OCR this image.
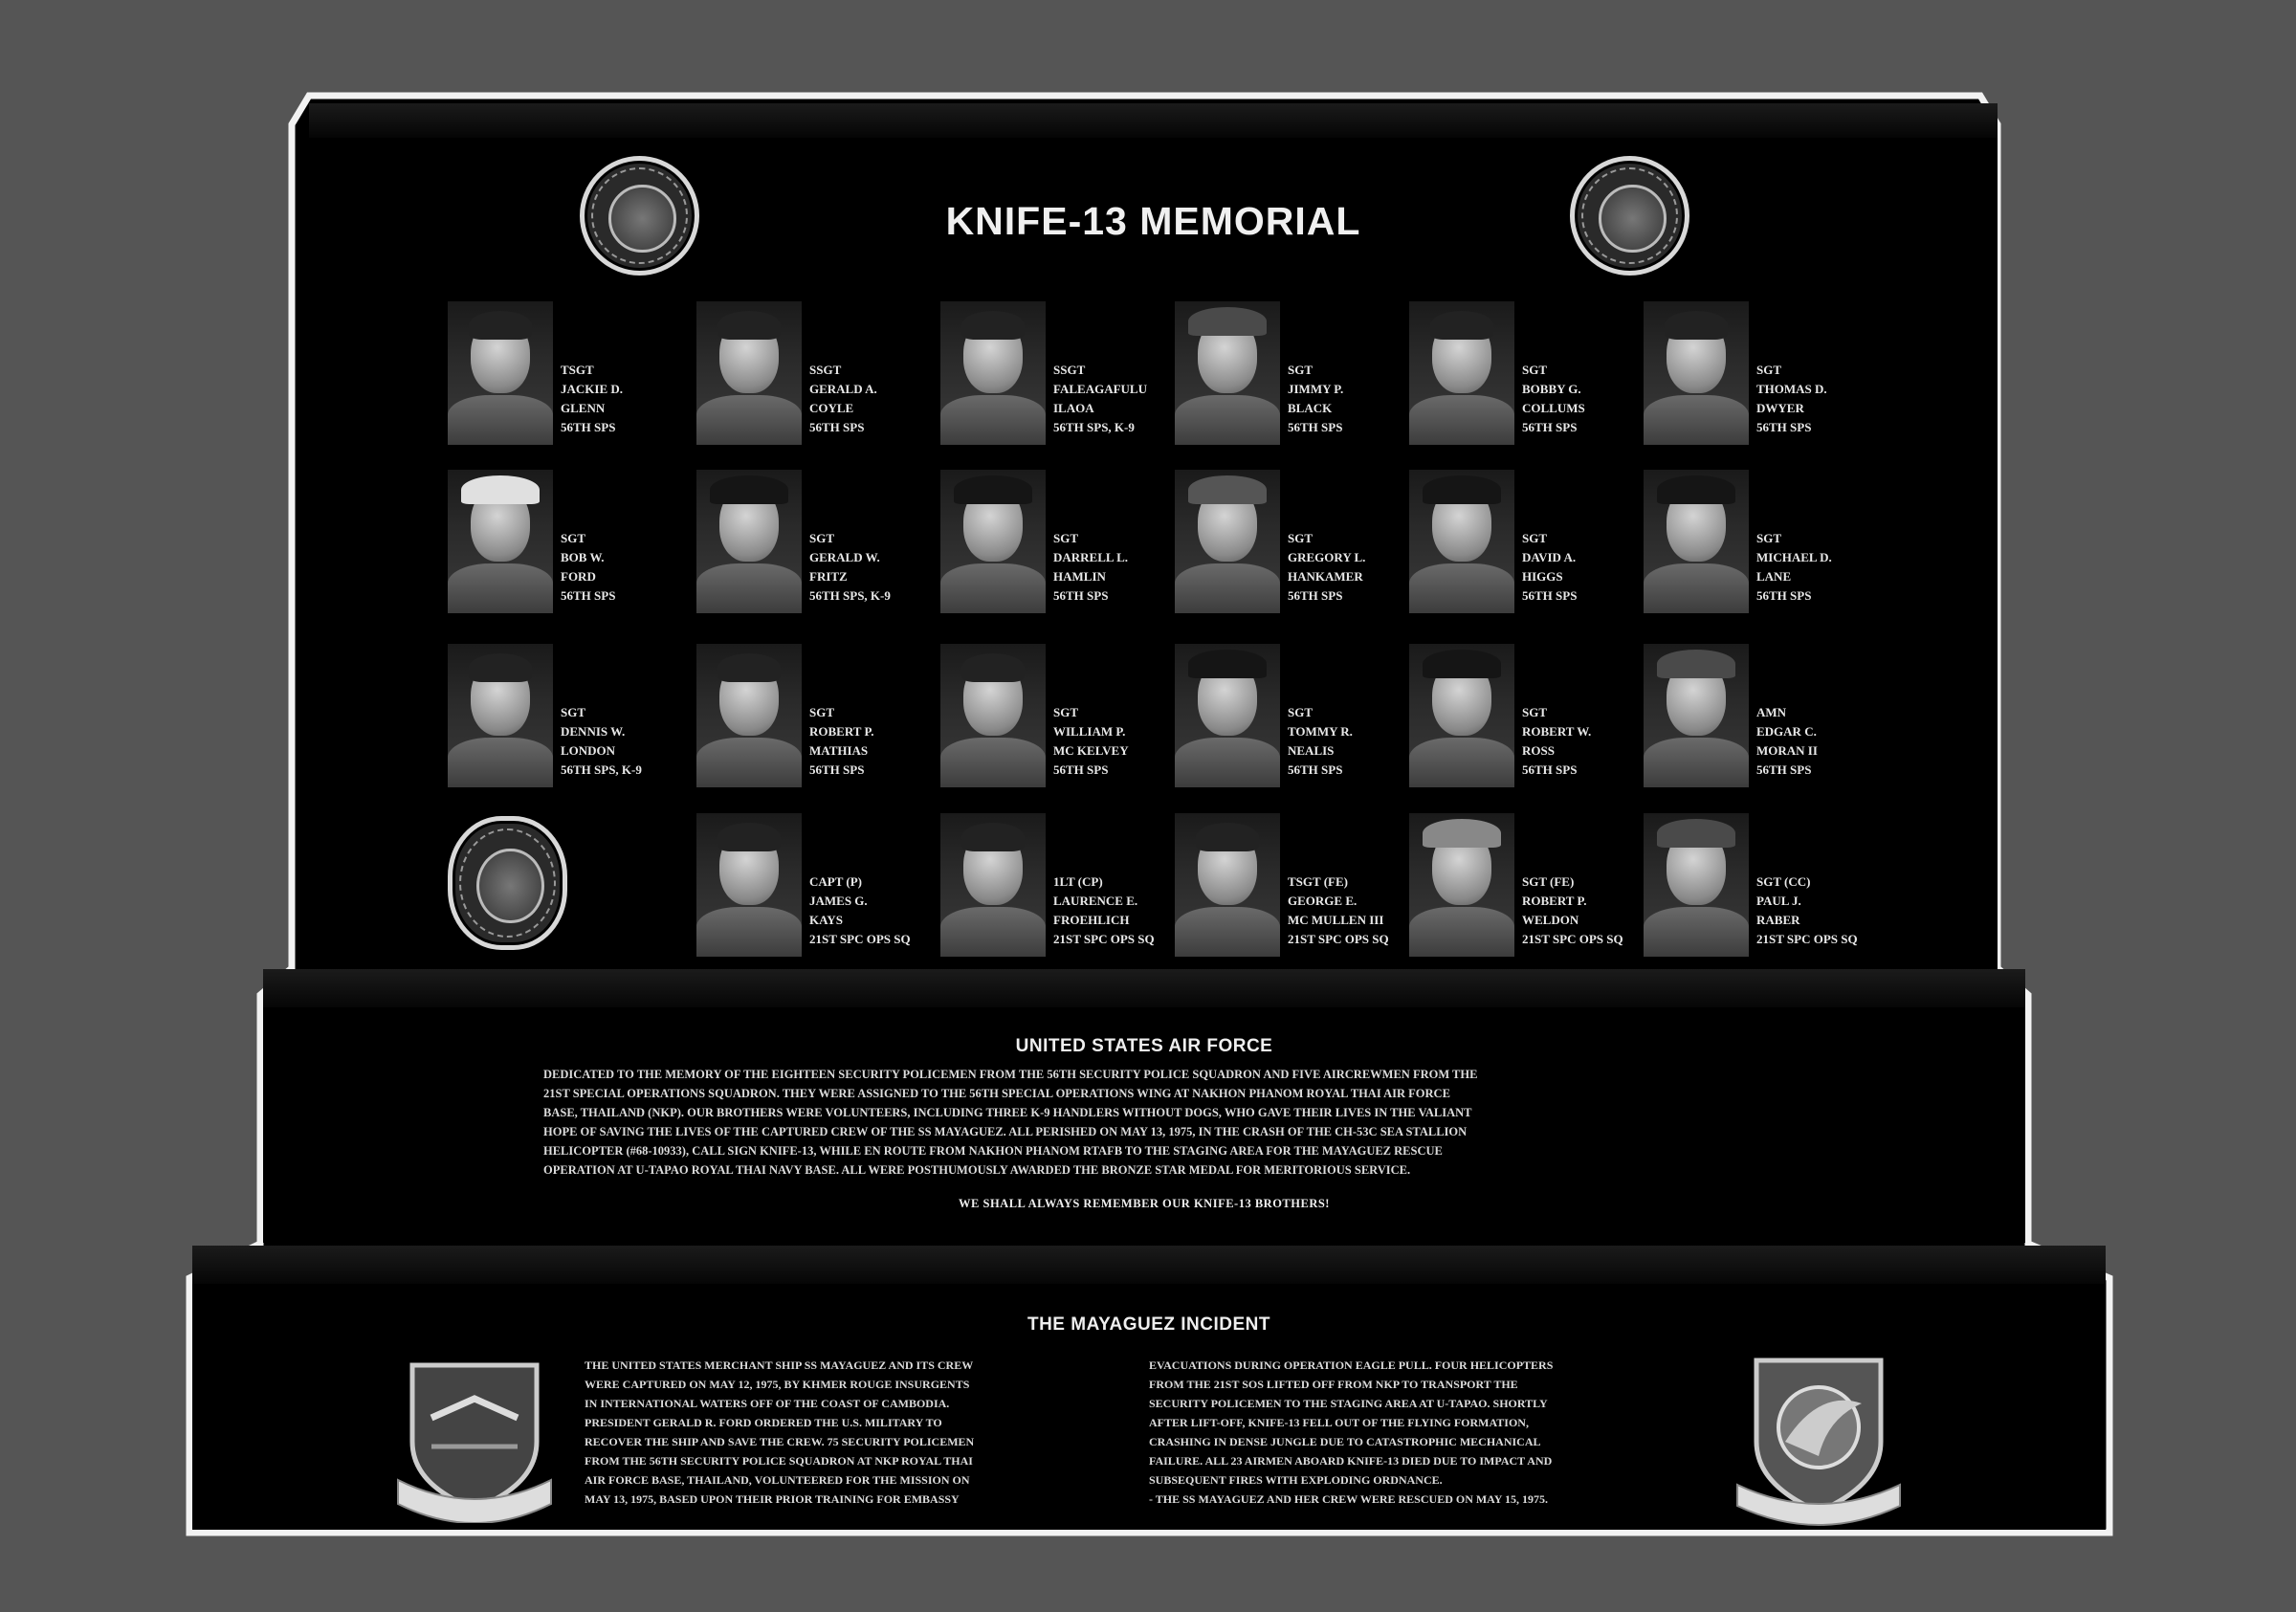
KNIFE-13 MEMORIAL
TSGT
JACKIE D.
GLENN
56TH SPS
SSGT
GERALD A.
COYLE
56TH SPS
SSGT
FALEAGAFULU
ILAOA
56TH SPS, K-9
SGT
JIMMY P.
BLACK
56TH SPS
SGT
BOBBY G.
COLLUMS
56TH SPS
SGT
THOMAS D.
DWYER
56TH SPS
SGT
BOB W.
FORD
56TH SPS
SGT
GERALD W.
FRITZ
56TH SPS, K-9
SGT
DARRELL L.
HAMLIN
56TH SPS
SGT
GREGORY L.
HANKAMER
56TH SPS
SGT
DAVID A.
HIGGS
56TH SPS
SGT
MICHAEL D.
LANE
56TH SPS
SGT
DENNIS W.
LONDON
56TH SPS, K-9
SGT
ROBERT P.
MATHIAS
56TH SPS
SGT
WILLIAM P.
MC KELVEY
56TH SPS
SGT
TOMMY R.
NEALIS
56TH SPS
SGT
ROBERT W.
ROSS
56TH SPS
AMN
EDGAR C.
MORAN II
56TH SPS
CAPT (P)
JAMES G.
KAYS
21ST SPC OPS SQ
1LT (CP)
LAURENCE E.
FROEHLICH
21ST SPC OPS SQ
TSGT (FE)
GEORGE E.
MC MULLEN III
21ST SPC OPS SQ
SGT (FE)
ROBERT P.
WELDON
21ST SPC OPS SQ
SGT (CC)
PAUL J.
RABER
21ST SPC OPS SQ
UNITED STATES AIR FORCE
DEDICATED TO THE MEMORY OF THE EIGHTEEN SECURITY POLICEMEN FROM THE 56TH SECURITY POLICE SQUADRON AND FIVE AIRCREWMEN FROM THE
21ST SPECIAL OPERATIONS SQUADRON. THEY WERE ASSIGNED TO THE 56TH SPECIAL OPERATIONS WING AT NAKHON PHANOM ROYAL THAI AIR FORCE
BASE, THAILAND (NKP). OUR BROTHERS WERE VOLUNTEERS, INCLUDING THREE K-9 HANDLERS WITHOUT DOGS, WHO GAVE THEIR LIVES IN THE VALIANT
HOPE OF SAVING THE LIVES OF THE CAPTURED CREW OF THE SS MAYAGUEZ. ALL PERISHED ON MAY 13, 1975, IN THE CRASH OF THE CH-53C SEA STALLION
HELICOPTER (#68-10933), CALL SIGN KNIFE-13, WHILE EN ROUTE FROM NAKHON PHANOM RTAFB TO THE STAGING AREA FOR THE MAYAGUEZ RESCUE
OPERATION AT U-TAPAO ROYAL THAI NAVY BASE. ALL WERE POSTHUMOUSLY AWARDED THE BRONZE STAR MEDAL FOR MERITORIOUS SERVICE.
WE SHALL ALWAYS REMEMBER OUR KNIFE-13 BROTHERS!
THE MAYAGUEZ INCIDENT
THE UNITED STATES MERCHANT SHIP SS MAYAGUEZ AND ITS CREW
WERE CAPTURED ON MAY 12, 1975, BY KHMER ROUGE INSURGENTS
IN INTERNATIONAL WATERS OFF OF THE COAST OF CAMBODIA.
PRESIDENT GERALD R. FORD ORDERED THE U.S. MILITARY TO
RECOVER THE SHIP AND SAVE THE CREW. 75 SECURITY POLICEMEN
FROM THE 56TH SECURITY POLICE SQUADRON AT NKP ROYAL THAI
AIR FORCE BASE, THAILAND, VOLUNTEERED FOR THE MISSION ON
MAY 13, 1975, BASED UPON THEIR PRIOR TRAINING FOR EMBASSY
EVACUATIONS DURING OPERATION EAGLE PULL. FOUR HELICOPTERS
FROM THE 21ST SOS LIFTED OFF FROM NKP TO TRANSPORT THE
SECURITY POLICEMEN TO THE STAGING AREA AT U-TAPAO. SHORTLY
AFTER LIFT-OFF, KNIFE-13 FELL OUT OF THE FLYING FORMATION,
CRASHING IN DENSE JUNGLE DUE TO CATASTROPHIC MECHANICAL
FAILURE. ALL 23 AIRMEN ABOARD KNIFE-13 DIED DUE TO IMPACT AND
SUBSEQUENT FIRES WITH EXPLODING ORDNANCE.
- THE SS MAYAGUEZ AND HER CREW WERE RESCUED ON MAY 15, 1975.
